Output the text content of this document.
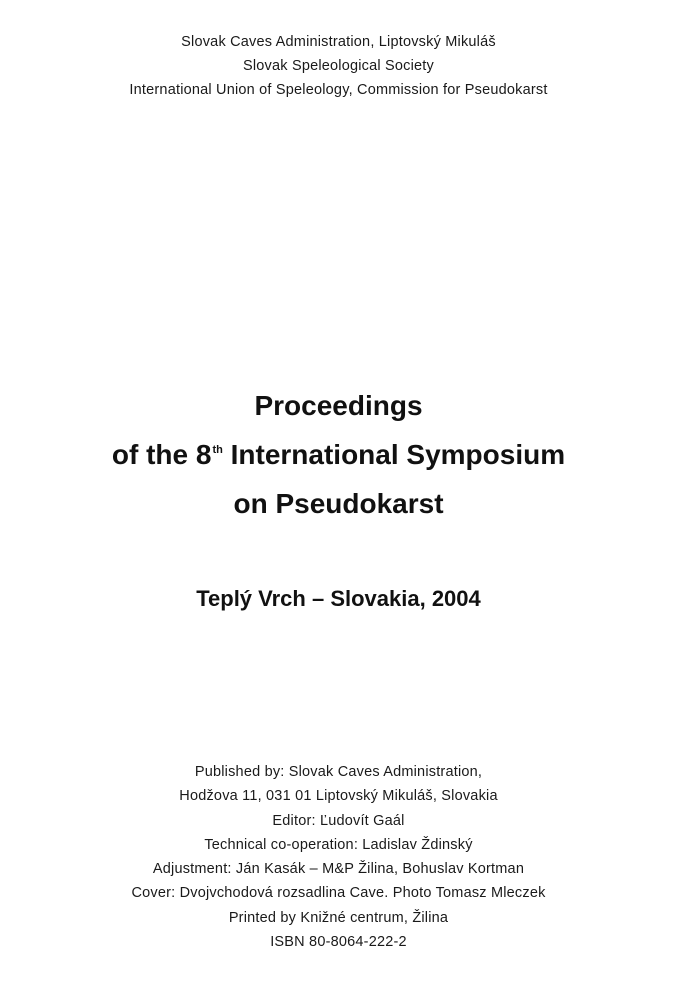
Slovak Caves Administration, Liptovský Mikuláš
Slovak Speleological Society
International Union of Speleology, Commission for Pseudokarst
Proceedings
of the 8th International Symposium
on Pseudokarst
Teplý Vrch – Slovakia, 2004
Published by: Slovak Caves Administration,
Hodžova 11, 031 01 Liptovský Mikuláš, Slovakia
Editor: Ľudovít Gaál
Technical co-operation: Ladislav Ždinský
Adjustment: Ján Kasák – M&P Žilina, Bohuslav Kortman
Cover: Dvojvchodová rozsadlina Cave. Photo Tomasz Mleczek
Printed by Knižné centrum, Žilina
ISBN 80-8064-222-2
